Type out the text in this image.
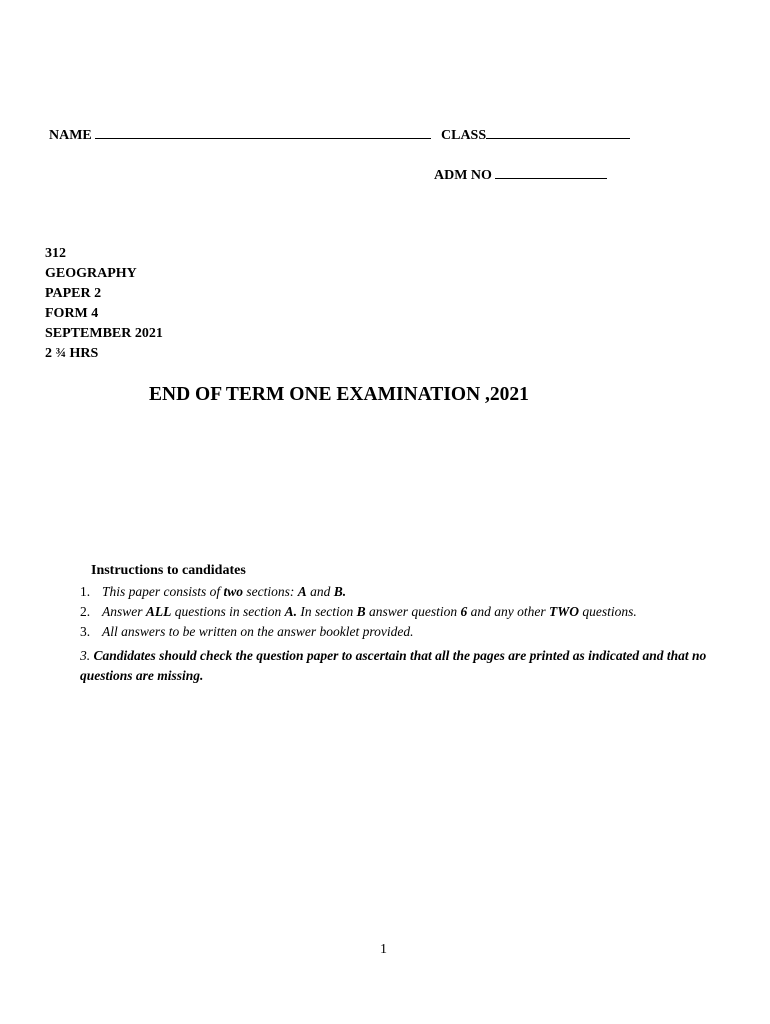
NAME	CLASS
ADM NO
312
GEOGRAPHY
PAPER 2
FORM 4
SEPTEMBER 2021
2 ¾ HRS
END OF TERM ONE EXAMINATION ,2021
Instructions to candidates
1. This paper consists of two sections: A and B.
2. Answer ALL questions in section A. In section B answer question 6 and any other TWO questions.
3. All answers to be written on the answer booklet provided.
3. Candidates should check the question paper to ascertain that all the pages are printed as indicated and that no questions are missing.
1
